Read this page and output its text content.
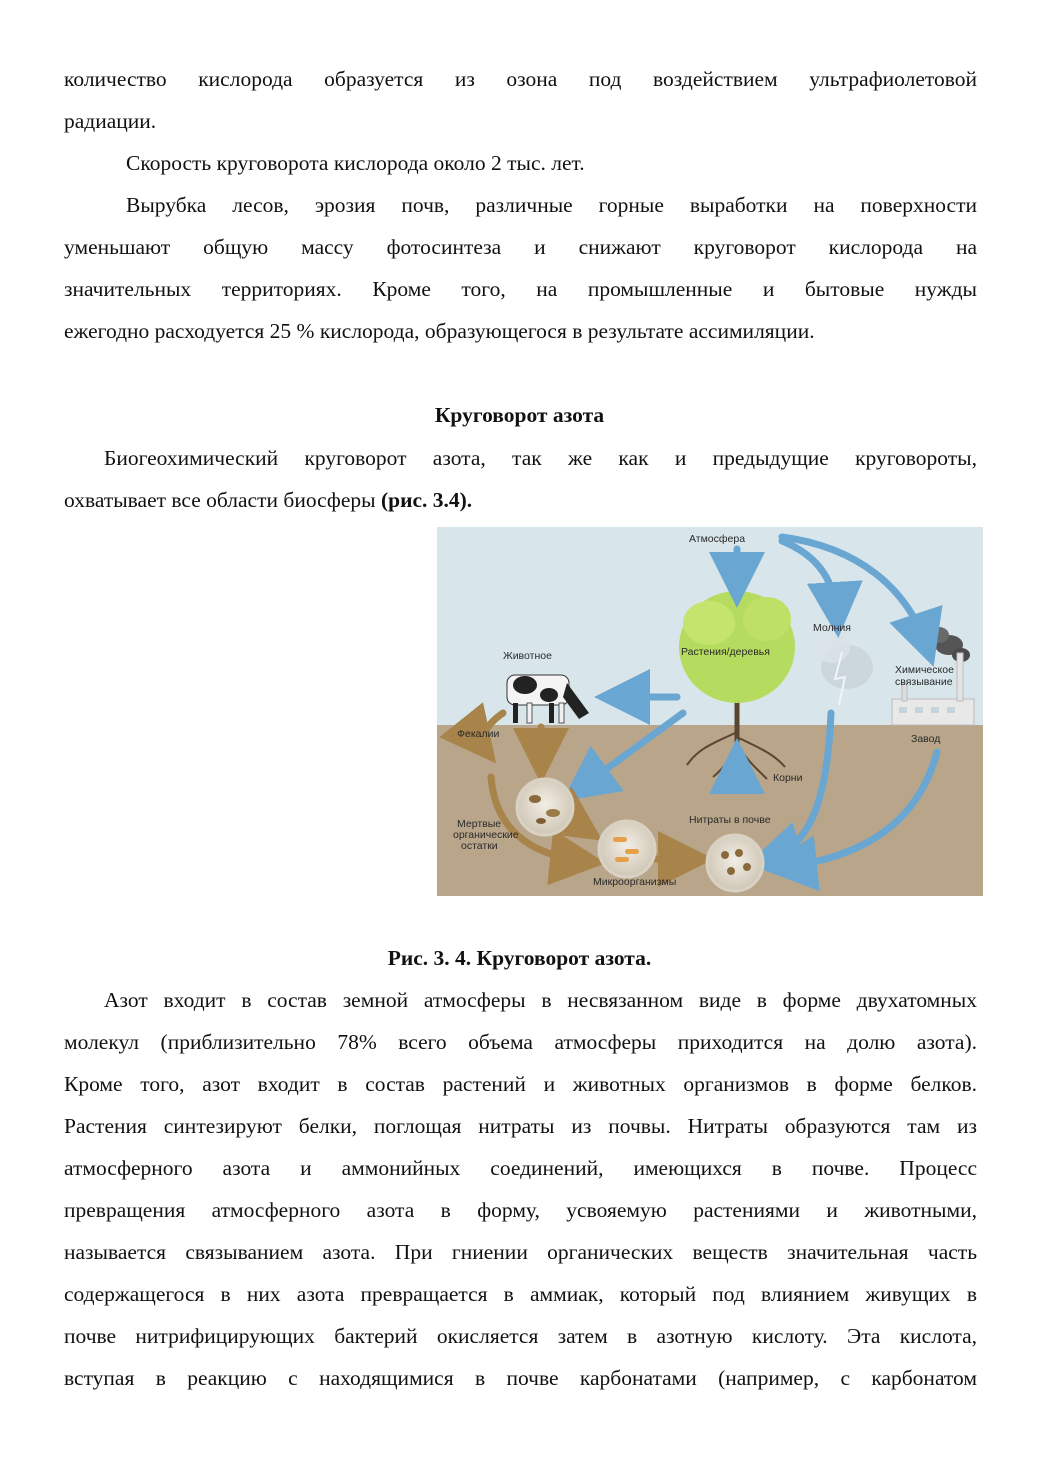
количество кислорода образуется из озона под воздействием ультрафиолетовой
радиации.

Скорость круговорота кислорода около 2 тыс. лет.

Вырубка лесов, эрозия почв, различные горные выработки на поверхности
уменьшают общую массу фотосинтеза и снижают круговорот кислорода на
значительных территориях. Кроме того, на промышленные и бытовые нужды
ежегодно расходуется 25 % кислорода, образующегося в результате ассимиляции.

Круговорот азота

Биогеохимический круговорот азота, так же как и предыдущие круговороты,
охватывает все области биосферы (рис. 3.4).

Атмосфера
Молния
Растения/деревья
Животное
Химическое
связывание
Фекалии	Завод
Корни
Нитраты в почве
Мертвые
органические
остатки
Микроорганизмы
Рис. 3. 4. Круговорот азота.

Азот входит в состав земной атмосферы в несвязанном виде в форме двухатомных
молекул (приблизительно 78% всего объема атмосферы приходится на долю азота).
Кроме того, азот входит в состав растений и животных организмов в форме белков.
Растения синтезируют белки, поглощая нитраты из почвы. Нитраты образуются там из
атмосферного азота и аммонийных соединений, имеющихся в почве. Процесс
превращения атмосферного азота в форму, усвояемую растениями и животными,
называется связыванием азота. При гниении органических веществ значительная часть
содержащегося в них азота превращается в аммиак, который под влиянием живущих в
почве нитрифицирующих бактерий окисляется затем в азотную кислоту. Эта кислота,
вступая в реакцию с находящимися в почве карбонатами (например, с карбонатом
